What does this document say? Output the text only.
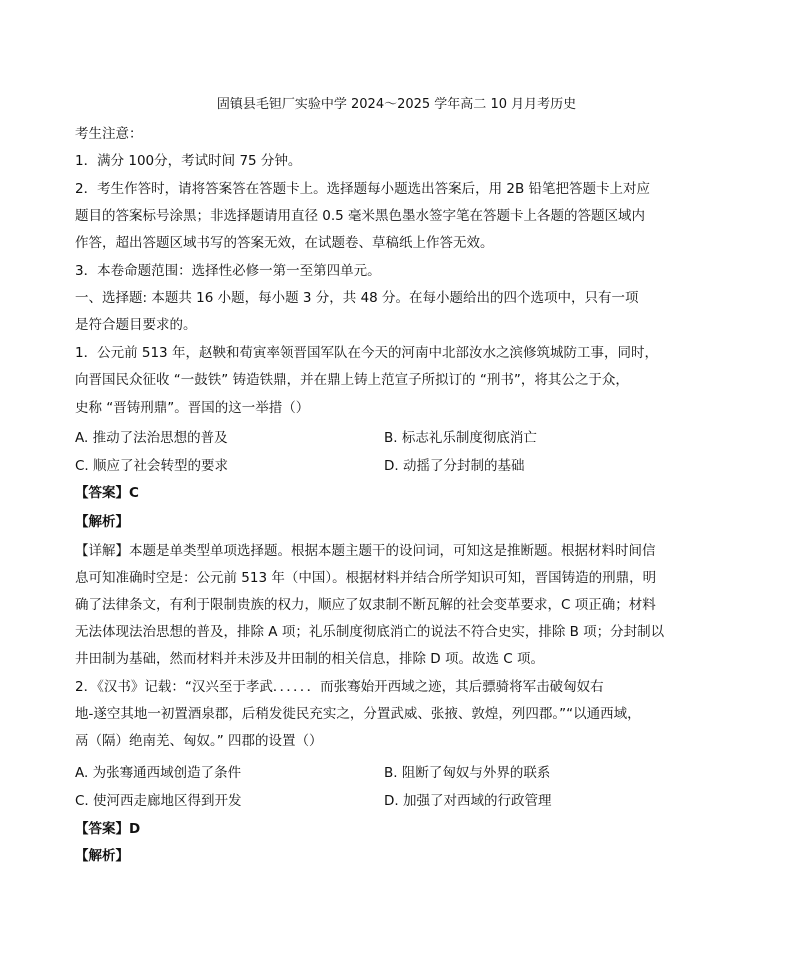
固镇县毛钽厂实验中学 2024～2025 学年高二 10 月月考历史
考生注意：
1．满分 100分，考试时间 75 分钟。
2．考生作答时，请将答案答在答题卡上。选择题每小题选出答案后，用 2B 铅笔把答题卡上对应
题目的答案标号涂黑；非选择题请用直径 0.5 毫米黑色墨水签字笔在答题卡上各题的答题区域内
作答，超出答题区域书写的答案无效，在试题卷、草稿纸上作答无效。
3．本卷命题范围：选择性必修一第一至第四单元。
一、选择题: 本题共 16 小题，每小题 3 分，共 48 分。在每小题给出的四个选项中，只有一项
是符合题目要求的。
1．公元前 513 年，赵鞅和荀寅率领晋国军队在今天的河南中北部汝水之滨修筑城防工事，同时，
向晋国民众征收 “一鼓铁” 铸造铁鼎，并在鼎上铸上范宣子所拟订的 “刑书”，将其公之于众，
史称 “晋铸刑鼎”。晋国的这一举措（）
A. 推动了法治思想的普及	B. 标志礼乐制度彻底消亡
C. 顺应了社会转型的要求	D. 动摇了分封制的基础
【答案】C
【解析】
【详解】本题是单类型单项选择题。根据本题主题干的设问词，可知这是推断题。根据材料时间信
息可知准确时空是：公元前 513 年（中国）。根据材料并结合所学知识可知，晋国铸造的刑鼎，明
确了法律条文，有利于限制贵族的权力，顺应了奴隶制不断瓦解的社会变革要求，C 项正确；材料
无法体现法治思想的普及，排除 A 项；礼乐制度彻底消亡的说法不符合史实，排除 B 项；分封制以
井田制为基础，然而材料并未涉及井田制的相关信息，排除 D 项。故选 C 项。
2．《汉书》记载：“汉兴至于孝武．．．．．．而张骞始开西域之迹，其后骠骑将军击破匈奴右
地-遂空其地一初置酒泉郡，后稍发徙民充实之，分置武威、张掖、敦煌，列四郡。”“以通西域，
鬲（隔）绝南羌、匈奴。” 四郡的设置（）
A. 为张骞通西域创造了条件	B. 阻断了匈奴与外界的联系
C. 使河西走廊地区得到开发	D. 加强了对西域的行政管理
【答案】D
【解析】
